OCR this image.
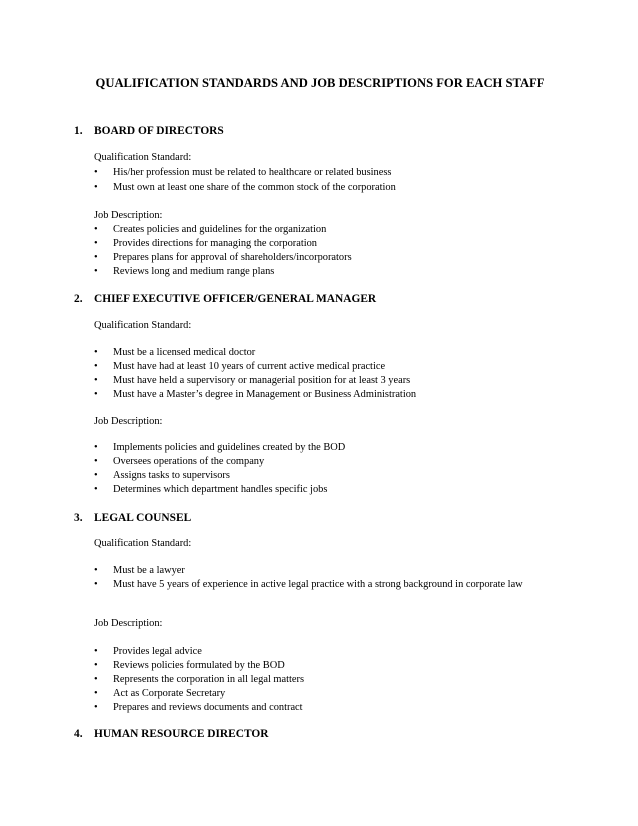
QUALIFICATION STANDARDS AND JOB DESCRIPTIONS FOR EACH STAFF
1. BOARD OF DIRECTORS
Qualification Standard:
•	His/her profession must be related to healthcare or related business
•	Must own at least one share of the common stock of the corporation
Job Description:
•	Creates policies and guidelines for the organization
•	Provides directions for managing the corporation
•	Prepares plans for approval of shareholders/incorporators
•	Reviews long and medium range plans
2. CHIEF EXECUTIVE OFFICER/GENERAL MANAGER
Qualification Standard:
•	Must be a licensed medical doctor
•	Must have had at least 10 years of current active medical practice
•	Must have held a supervisory or managerial position for at least 3 years
•	Must have a Master’s degree in Management or Business Administration
Job Description:
•	Implements policies and guidelines created by the BOD
•	Oversees operations of the company
•	Assigns tasks to supervisors
•	Determines which department handles specific jobs
3. LEGAL COUNSEL
Qualification Standard:
•	Must be a lawyer
•	Must have 5 years of experience in active legal practice with a strong background in corporate law
Job Description:
•	Provides legal advice
•	Reviews policies formulated by the BOD
•	Represents the corporation in all legal matters
•	Act as Corporate Secretary
•	Prepares and reviews documents and contract
4. HUMAN RESOURCE DIRECTOR
